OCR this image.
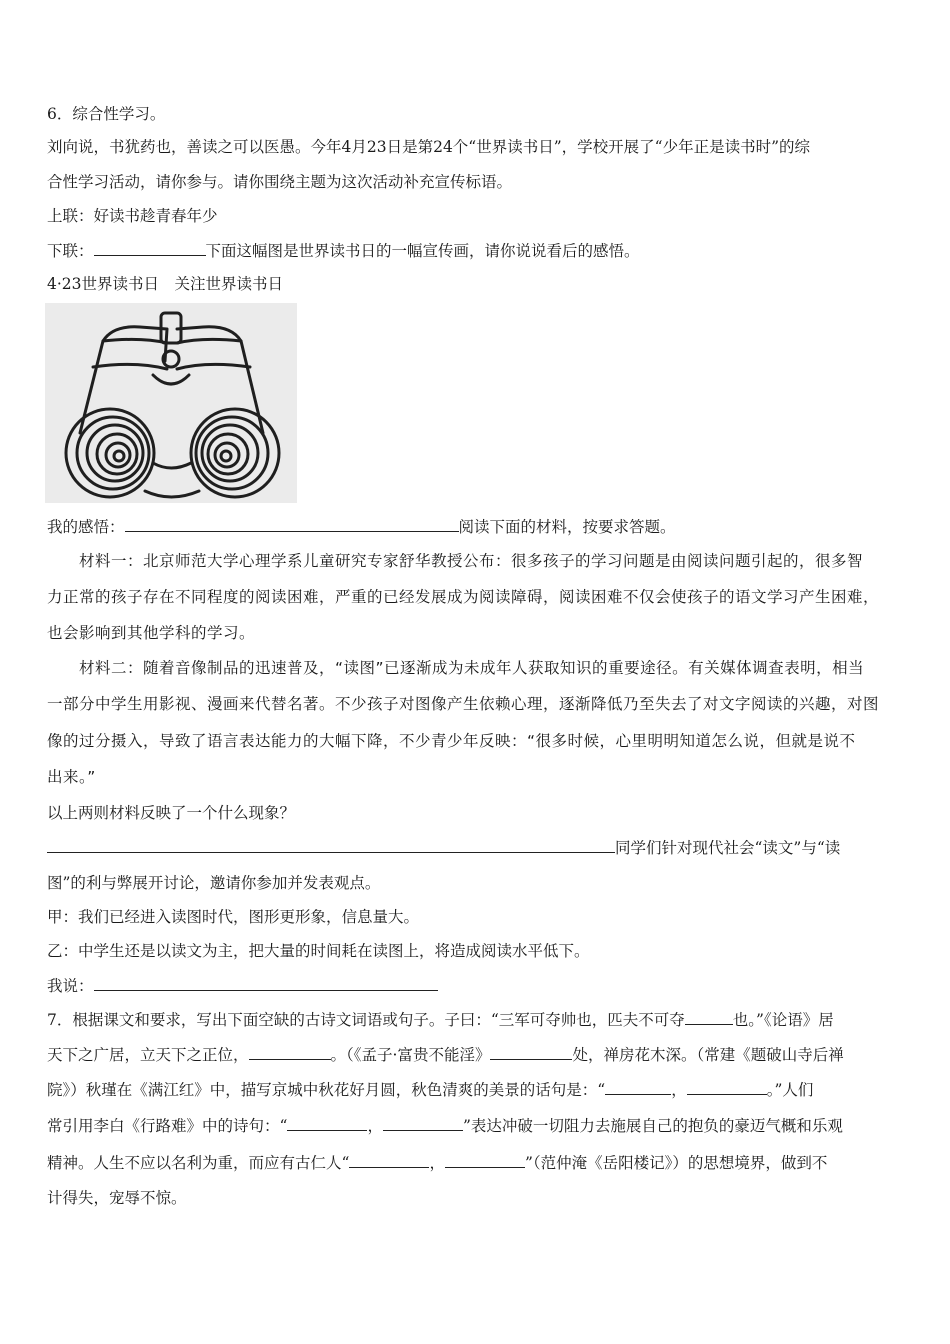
6．综合性学习。
刘向说，书犹药也，善读之可以医愚。今年4月23日是第24个“世界读书日”，学校开展了“少年正是读书时”的综
合性学习活动，请你参与。请你围绕主题为这次活动补充宣传标语。
上联：好读书趁青春年少
下联：	下面这幅图是世界读书日的一幅宣传画，请你说说看后的感悟。
4·23世界读书日　关注世界读书日
我的感悟：	阅读下面的材料，按要求答题。
材料一：北京师范大学心理学系儿童研究专家舒华教授公布：很多孩子的学习问题是由阅读问题引起的，很多智
力正常的孩子存在不同程度的阅读困难，严重的已经发展成为阅读障碍，阅读困难不仅会使孩子的语文学习产生困难，
也会影响到其他学科的学习。
材料二：随着音像制品的迅速普及，“读图”已逐渐成为未成年人获取知识的重要途径。有关媒体调查表明，相当
一部分中学生用影视、漫画来代替名著。不少孩子对图像产生依赖心理，逐渐降低乃至失去了对文字阅读的兴趣，对图
像的过分摄入，导致了语言表达能力的大幅下降，不少青少年反映：“很多时候，心里明明知道怎么说，但就是说不
出来。”
以上两则材料反映了一个什么现象？
同学们针对现代社会“读文”与“读
图”的利与弊展开讨论，邀请你参加并发表观点。
甲：我们已经进入读图时代，图形更形象，信息量大。
乙：中学生还是以读文为主，把大量的时间耗在读图上，将造成阅读水平低下。
我说：
7．根据课文和要求，写出下面空缺的古诗文词语或句子。子曰：“三军可夺帅也，匹夫不可夺	也。”《论语》居
天下之广居，立天下之正位，	。（《孟子·富贵不能淫》	处，禅房花木深。（常建《题破山寺后禅
院》）秋瑾在《满江红》中，描写京城中秋花好月圆，秋色清爽的美景的话句是：“	，	。”人们
常引用李白《行路难》中的诗句：“	，	”表达冲破一切阻力去施展自己的抱负的豪迈气概和乐观
精神。人生不应以名利为重，而应有古仁人“	，	”（范仲淹《岳阳楼记》）的思想境界，做到不
计得失，宠辱不惊。
